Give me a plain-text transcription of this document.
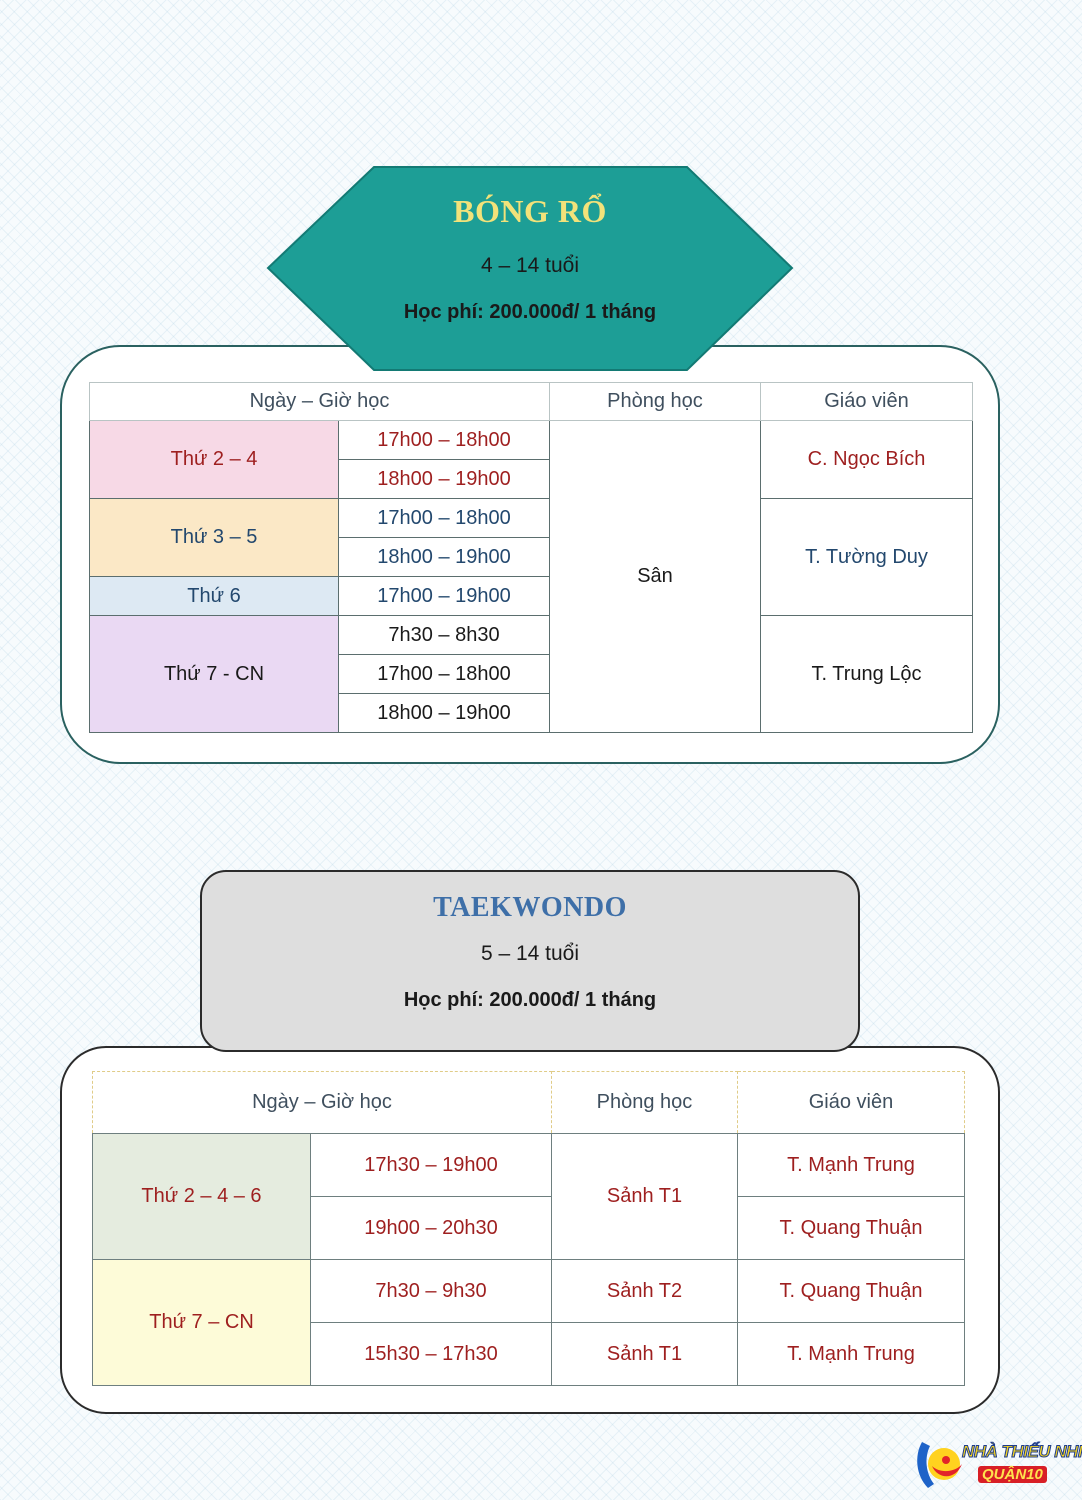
BÓNG RỔ
4 – 14 tuổi
Học phí: 200.000đ/ 1 tháng
Ngày – Giờ học		Phòng học	Giáo viên
Thứ 2 – 4	17h00 – 18h00	Sân	C. Ngọc Bích
	18h00 – 19h00		
Thứ 3 – 5	17h00 – 18h00		T. Tường Duy
	18h00 – 19h00		
Thứ 6	17h00 – 19h00		
Thứ 7 - CN	7h30 – 8h30		T. Trung Lộc
	17h00 – 18h00		
	18h00 – 19h00		
TAEKWONDO
5 – 14 tuổi
Học phí: 200.000đ/ 1 tháng
Ngày – Giờ học		Phòng học	Giáo viên
Thứ 2 – 4 – 6	17h30 – 19h00	Sảnh T1	T. Mạnh Trung
	19h00 – 20h30		T. Quang Thuận
Thứ 7 – CN	7h30 – 9h30	Sảnh T2	T. Quang Thuận
	15h30 – 17h30	Sảnh T1	T. Mạnh Trung
NHÀ THIẾU NHI
QUẬN10
